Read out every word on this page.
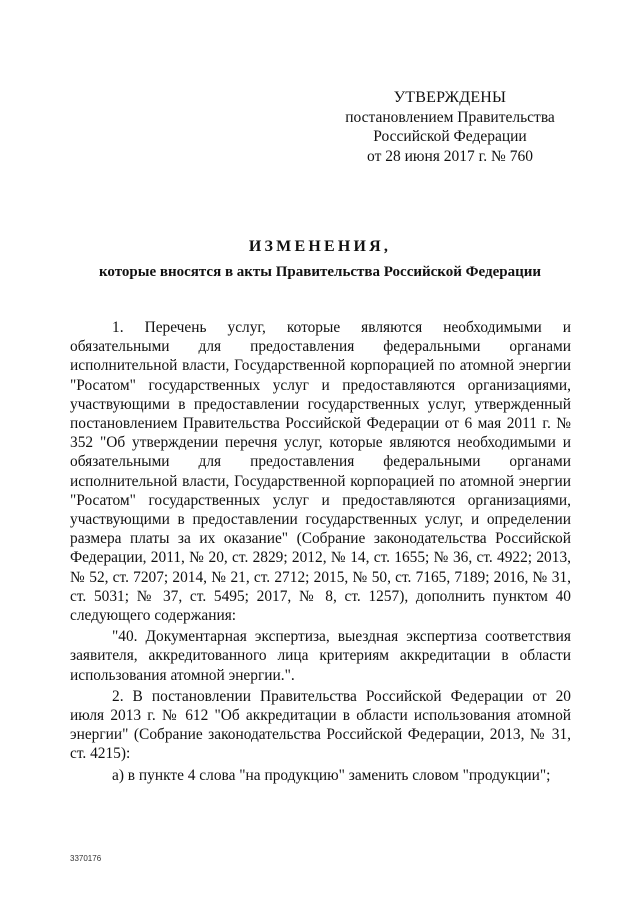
УТВЕРЖДЕНЫ
постановлением Правительства
Российской Федерации
от 28 июня 2017 г. № 760
ИЗМЕНЕНИЯ,
которые вносятся в акты Правительства Российской Федерации

1. Перечень услуг, которые являются необходимыми и обязательными для предоставления федеральными органами исполнительной власти, Государственной корпорацией по атомной энергии "Росатом" государственных услуг и предоставляются организациями, участвующими в предоставлении государственных услуг, утвержденный постановлением Правительства Российской Федерации от 6 мая 2011 г. № 352 "Об утверждении перечня услуг, которые являются необходимыми и обязательными для предоставления федеральными органами исполнительной власти, Государственной корпорацией по атомной энергии "Росатом" государственных услуг и предоставляются организациями, участвующими в предоставлении государственных услуг, и определении размера платы за их оказание" (Собрание законодательства Российской Федерации, 2011, № 20, ст. 2829; 2012, № 14, ст. 1655; № 36, ст. 4922; 2013, № 52, ст. 7207; 2014, № 21, ст. 2712; 2015, № 50, ст. 7165, 7189; 2016, № 31, ст. 5031; № 37, ст. 5495; 2017, № 8, ст. 1257), дополнить пунктом 40 следующего содержания:

"40. Документарная экспертиза, выездная экспертиза соответствия заявителя, аккредитованного лица критериям аккредитации в области использования атомной энергии.".

2. В постановлении Правительства Российской Федерации от 20 июля 2013 г. № 612 "Об аккредитации в области использования атомной энергии" (Собрание законодательства Российской Федерации, 2013, № 31, ст. 4215):

а) в пункте 4 слова "на продукцию" заменить словом "продукции";

3370176
